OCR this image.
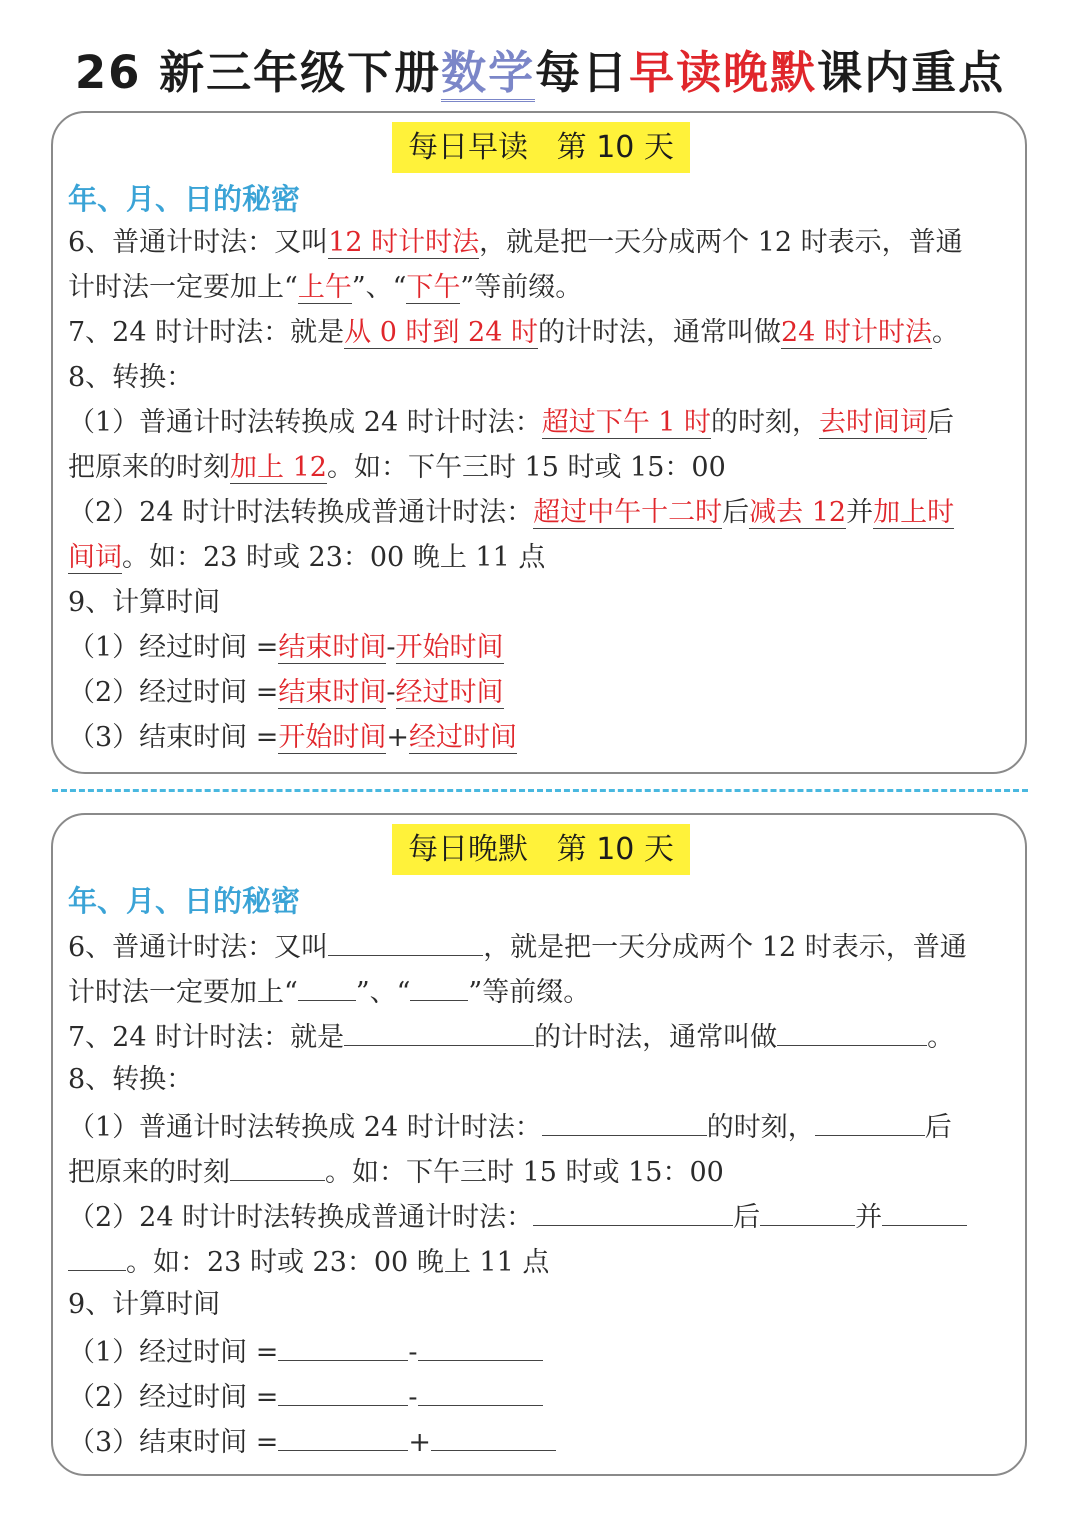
26 新三年级下册数学每日早读晚默课内重点
每日早读   第 10 天
年、月、日的秘密
6、普通计时法：又叫12 时计时法，就是把一天分成两个 12 时表示，普通
计时法一定要加上“上午”、“下午”等前缀。
7、24 时计时法：就是从 0 时到 24 时的计时法，通常叫做24 时计时法。
8、转换：
（1）普通计时法转换成 24 时计时法：超过下午 1 时的时刻，去时间词后
把原来的时刻加上 12。如：下午三时 15 时或 15：00
（2）24 时计时法转换成普通计时法：超过中午十二时后减去 12并加上时
间词。如：23 时或 23：00 晚上 11 点
9、计算时间
（1）经过时间 =结束时间-开始时间
（2）经过时间 =结束时间-经过时间
（3）结束时间 =开始时间+经过时间
每日晚默   第 10 天
年、月、日的秘密
6、普通计时法：又叫	，就是把一天分成两个 12 时表示，普通
计时法一定要加上“ ”、“ ”等前缀。
7、24 时计时法：就是	的计时法，通常叫做	。
8、转换：
（1）普通计时法转换成 24 时计时法：	的时刻，	后
把原来的时刻	。如：下午三时 15 时或 15：00
（2）24 时计时法转换成普通计时法：	后	并
。如：23 时或 23：00 晚上 11 点
9、计算时间
（1）经过时间 =	-
（2）经过时间 =	-
（3）结束时间 =	+
